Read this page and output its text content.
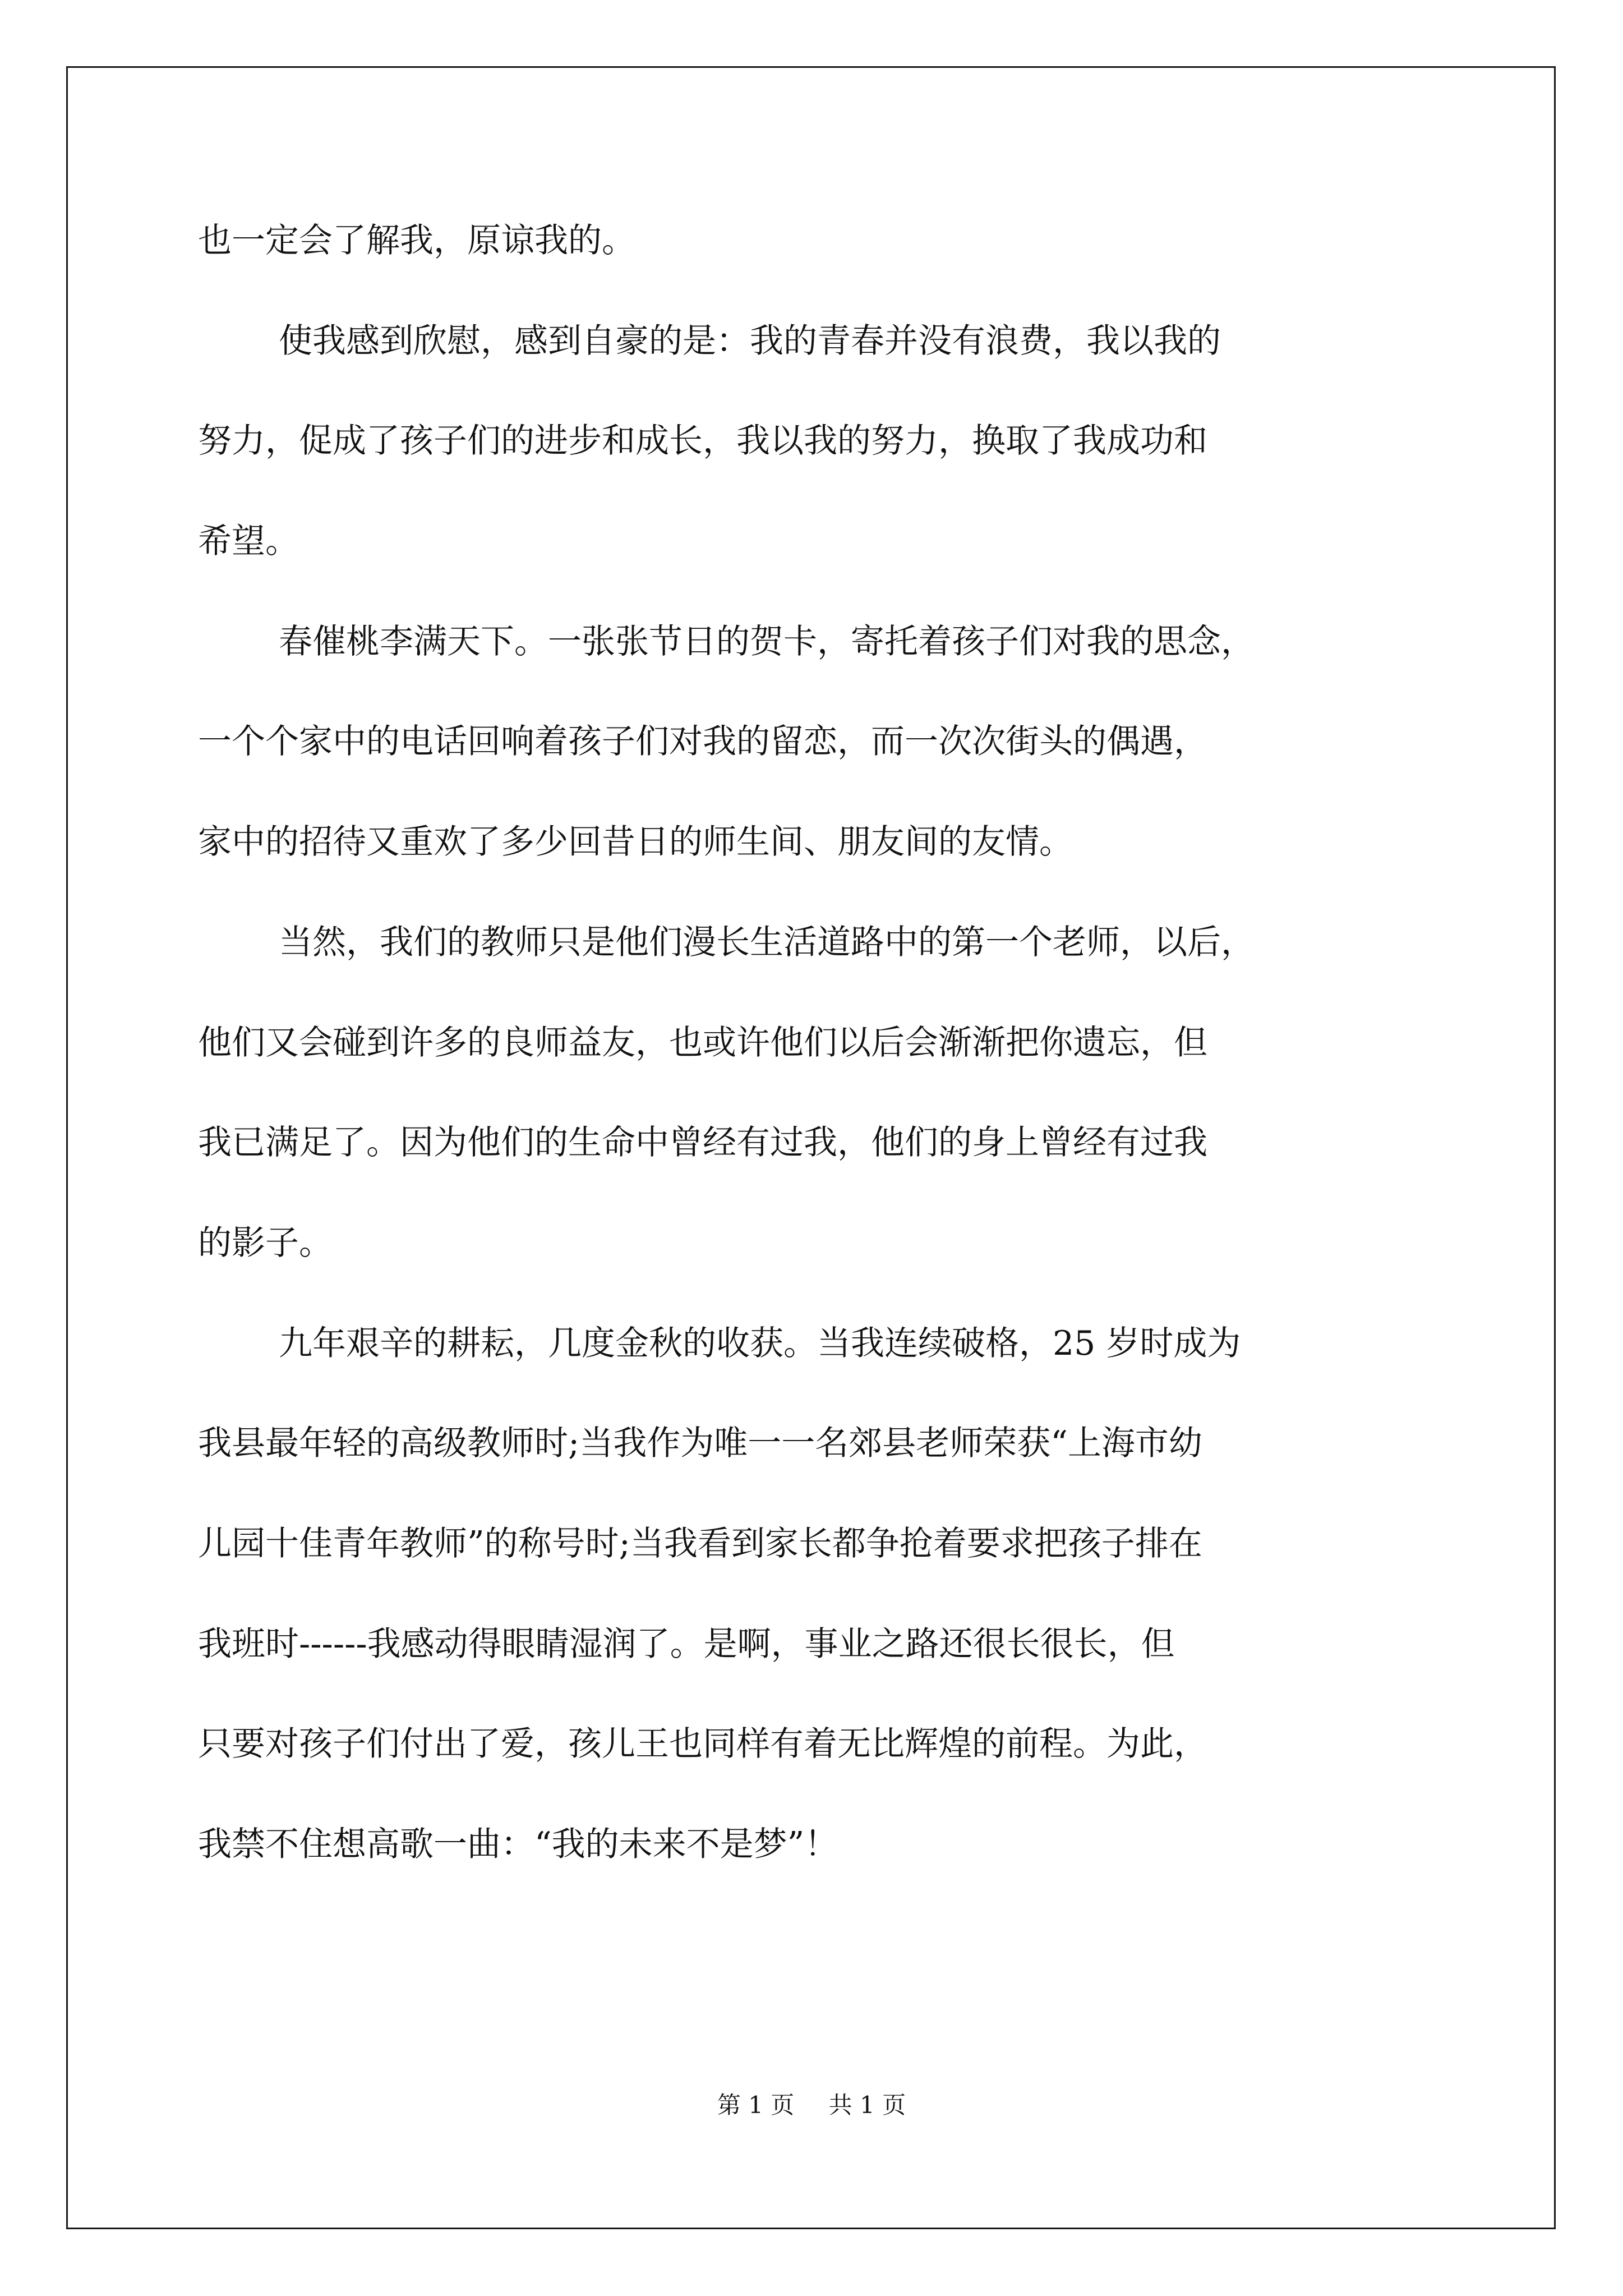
也一定会了解我，原谅我的。
使我感到欣慰，感到自豪的是：我的青春并没有浪费，我以我的
努力，促成了孩子们的进步和成长，我以我的努力，换取了我成功和
希望。
春催桃李满天下。一张张节日的贺卡，寄托着孩子们对我的思念，
一个个家中的电话回响着孩子们对我的留恋，而一次次街头的偶遇，
家中的招待又重欢了多少回昔日的师生间、朋友间的友情。
当然，我们的教师只是他们漫长生活道路中的第一个老师，以后，
他们又会碰到许多的良师益友，也或许他们以后会渐渐把你遗忘，但
我已满足了。因为他们的生命中曾经有过我，他们的身上曾经有过我
的影子。
九年艰辛的耕耘，几度金秋的收获。当我连续破格，25 岁时成为
我县最年轻的高级教师时;当我作为唯一一名郊县老师荣获“上海市幼
儿园十佳青年教师”的称号时;当我看到家长都争抢着要求把孩子排在
我班时------我感动得眼睛湿润了。是啊，事业之路还很长很长，但
只要对孩子们付出了爱，孩儿王也同样有着无比辉煌的前程。为此，
我禁不住想高歌一曲：“我的未来不是梦”！
第 1 页 共 1 页
